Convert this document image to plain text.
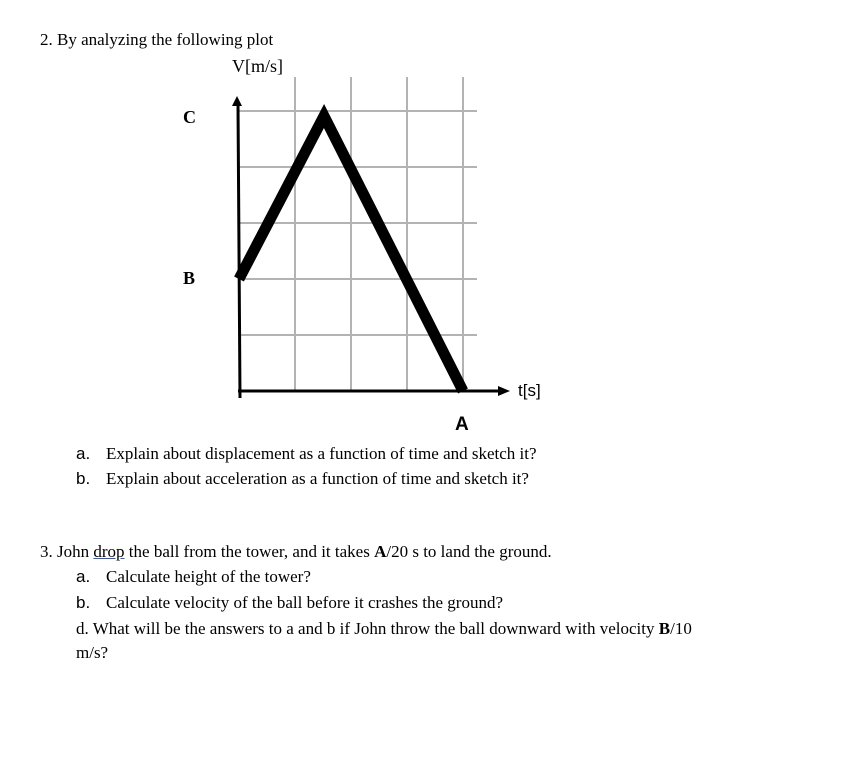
2. By analyzing the following plot
V[m/s]
t[s]
C
B
A
a. Explain about displacement as a function of time and sketch it?
b. Explain about acceleration as a function of time and sketch it?
3. John drop the ball from the tower, and it takes A/20 s to land the ground.
a. Calculate height of the tower?
b. Calculate velocity of the ball before it crashes the ground?
d. What will be the answers to a and b if John throw the ball downward with velocity B/10
m/s?
